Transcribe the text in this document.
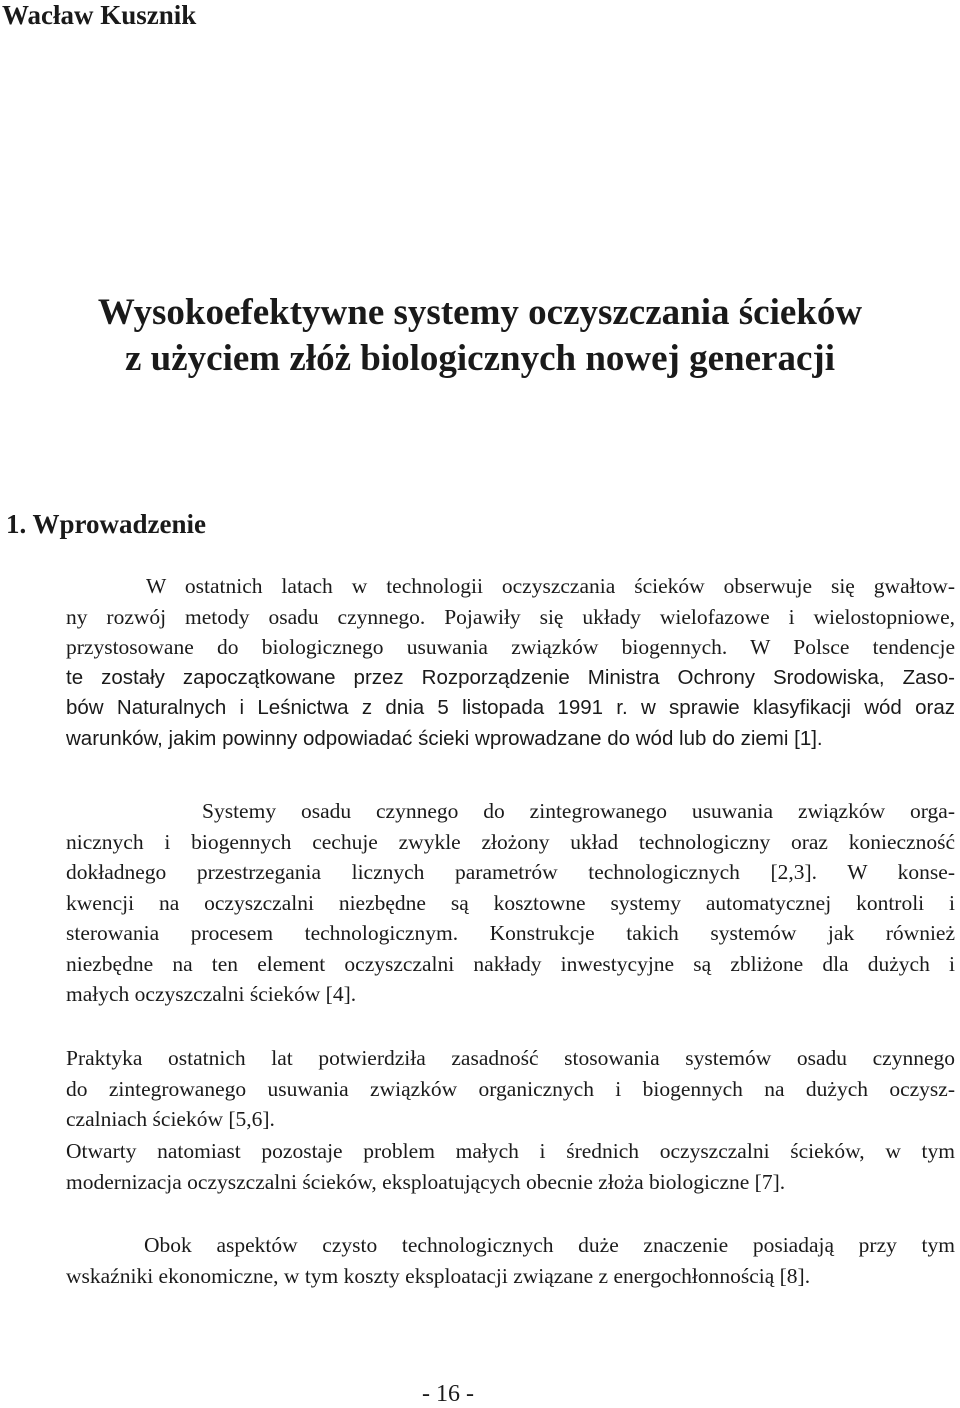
Wacław Kusznik
Wysokoefektywne systemy oczyszczania ścieków
z użyciem złóż biologicznych nowej generacji
1. Wprowadzenie
W ostatnich latach w technologii oczyszczania ścieków obserwuje się gwałtow-
ny rozwój metody osadu czynnego. Pojawiły się układy wielofazowe i wielostopniowe,
przystosowane do biologicznego usuwania związków biogennych. W Polsce tendencje
te zostały zapoczątkowane przez Rozporządzenie Ministra Ochrony Srodowiska, Zaso-
bów Naturalnych i Leśnictwa z dnia 5 listopada 1991 r. w sprawie klasyfikacji wód oraz
warunków, jakim powinny odpowiadać ścieki wprowadzane do wód lub do ziemi [1].
Systemy osadu czynnego do zintegrowanego usuwania związków orga-
nicznych i biogennych cechuje zwykle złożony układ technologiczny oraz konieczność
dokładnego przestrzegania licznych parametrów technologicznych [2,3]. W konse-
kwencji na oczyszczalni niezbędne są kosztowne systemy automatycznej kontroli i
sterowania procesem technologicznym. Konstrukcje takich systemów jak również
niezbędne na ten element oczyszczalni nakłady inwestycyjne są zbliżone dla dużych i
małych oczyszczalni ścieków [4].
Praktyka ostatnich lat potwierdziła zasadność stosowania systemów osadu czynnego
do zintegrowanego usuwania związków organicznych i biogennych na dużych oczysz-
czalniach ścieków [5,6].
Otwarty natomiast pozostaje problem małych i średnich oczyszczalni ścieków, w tym
modernizacja oczyszczalni ścieków, eksploatujących obecnie złoża biologiczne [7].
Obok aspektów czysto technologicznych duże znaczenie posiadają przy tym
wskaźniki ekonomiczne, w tym koszty eksploatacji związane z energochłonnością [8].
- 16 -
